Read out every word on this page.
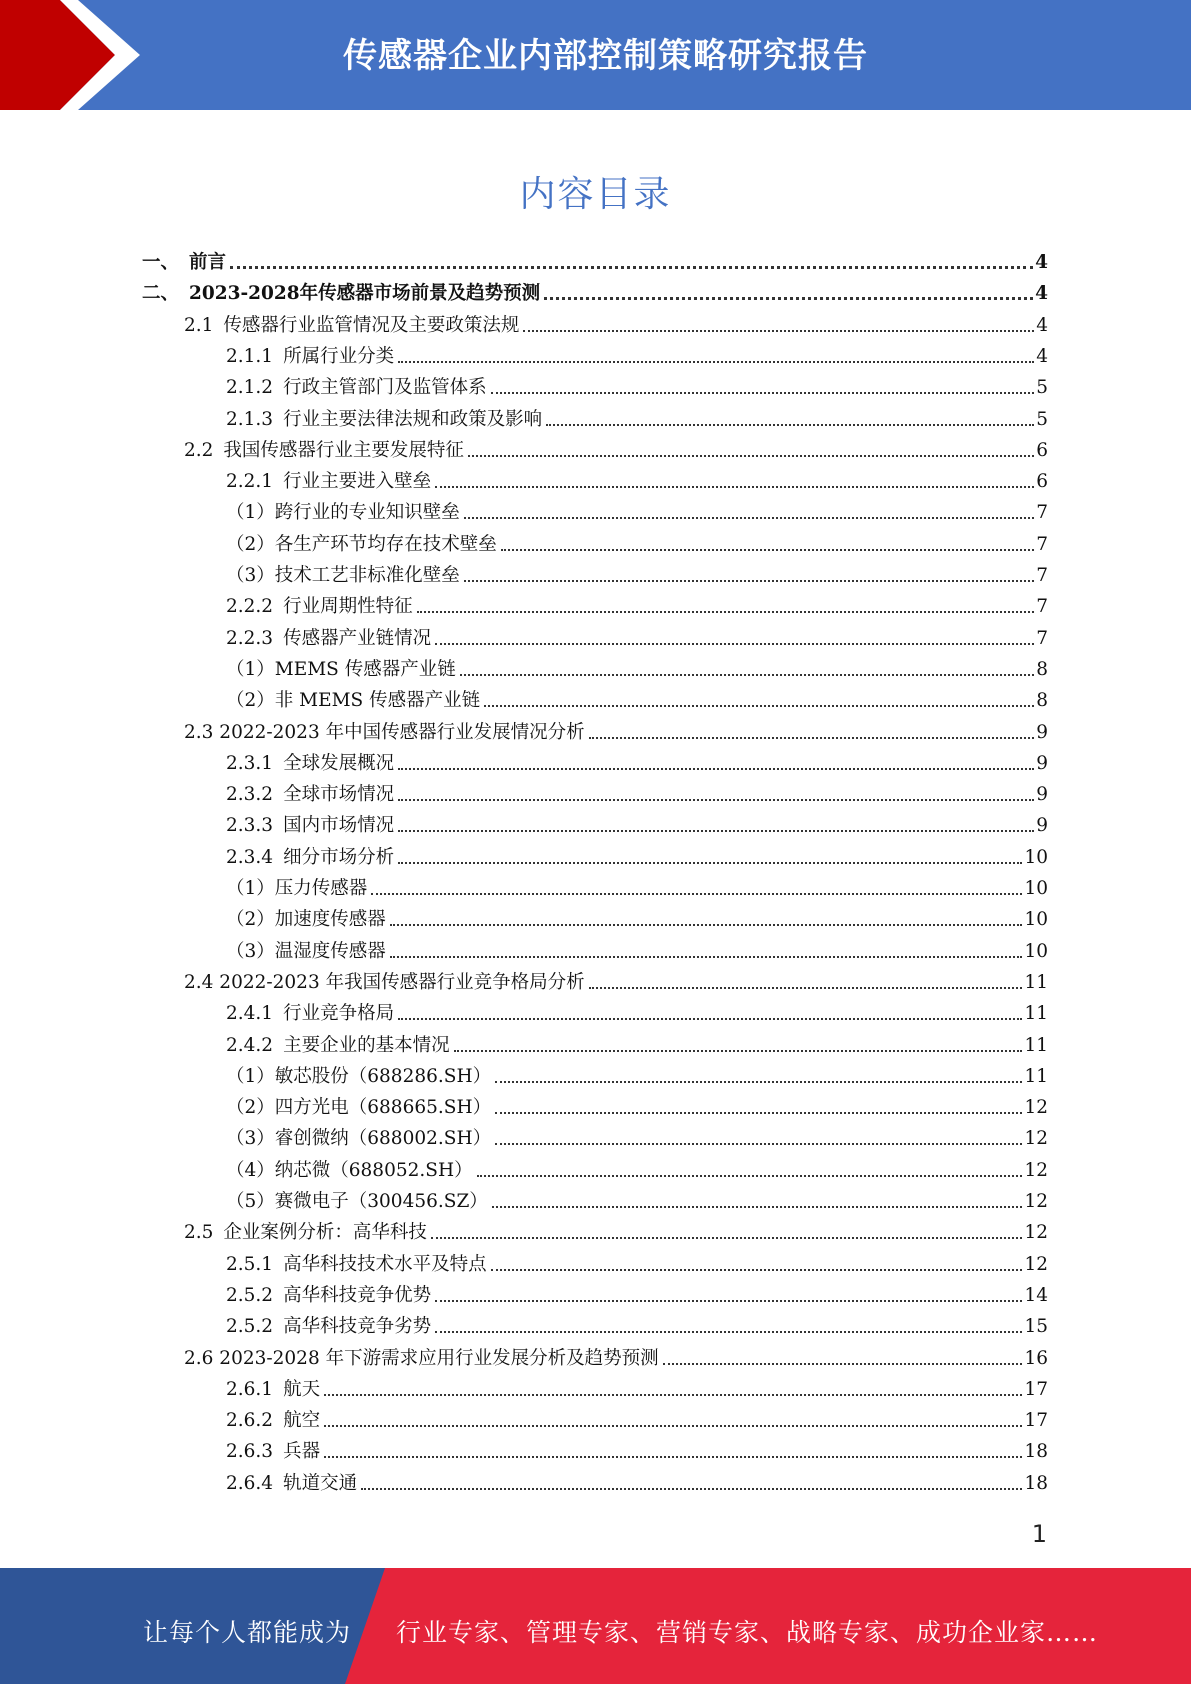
传感器企业内部控制策略研究报告
内容目录
一、 前言	4
二、 2023-2028年传感器市场前景及趋势预测	4
2.1 传感器行业监管情况及主要政策法规	4
2.1.1 所属行业分类	4
2.1.2 行政主管部门及监管体系	5
2.1.3 行业主要法律法规和政策及影响	5
2.2 我国传感器行业主要发展特征	6
2.2.1 行业主要进入壁垒	6
（1）跨行业的专业知识壁垒	7
（2）各生产环节均存在技术壁垒	7
（3）技术工艺非标准化壁垒	7
2.2.2 行业周期性特征	7
2.2.3 传感器产业链情况	7
（1）MEMS 传感器产业链	8
（2）非 MEMS 传感器产业链	8
2.3 2022-2023 年中国传感器行业发展情况分析	9
2.3.1 全球发展概况	9
2.3.2 全球市场情况	9
2.3.3 国内市场情况	9
2.3.4 细分市场分析	10
（1）压力传感器	10
（2）加速度传感器	10
（3）温湿度传感器	10
2.4 2022-2023 年我国传感器行业竞争格局分析	11
2.4.1 行业竞争格局	11
2.4.2 主要企业的基本情况	11
（1）敏芯股份（688286.SH）	11
（2）四方光电（688665.SH）	12
（3）睿创微纳（688002.SH）	12
（4）纳芯微（688052.SH）	12
（5）赛微电子（300456.SZ）	12
2.5 企业案例分析：高华科技	12
2.5.1 高华科技技术水平及特点	12
2.5.2 高华科技竞争优势	14
2.5.2 高华科技竞争劣势	15
2.6 2023-2028 年下游需求应用行业发展分析及趋势预测	16
2.6.1 航天	17
2.6.2 航空	17
2.6.3 兵器	18
2.6.4 轨道交通	18
1
让每个人都能成为 行业专家、管理专家、营销专家、战略专家、成功企业家……
